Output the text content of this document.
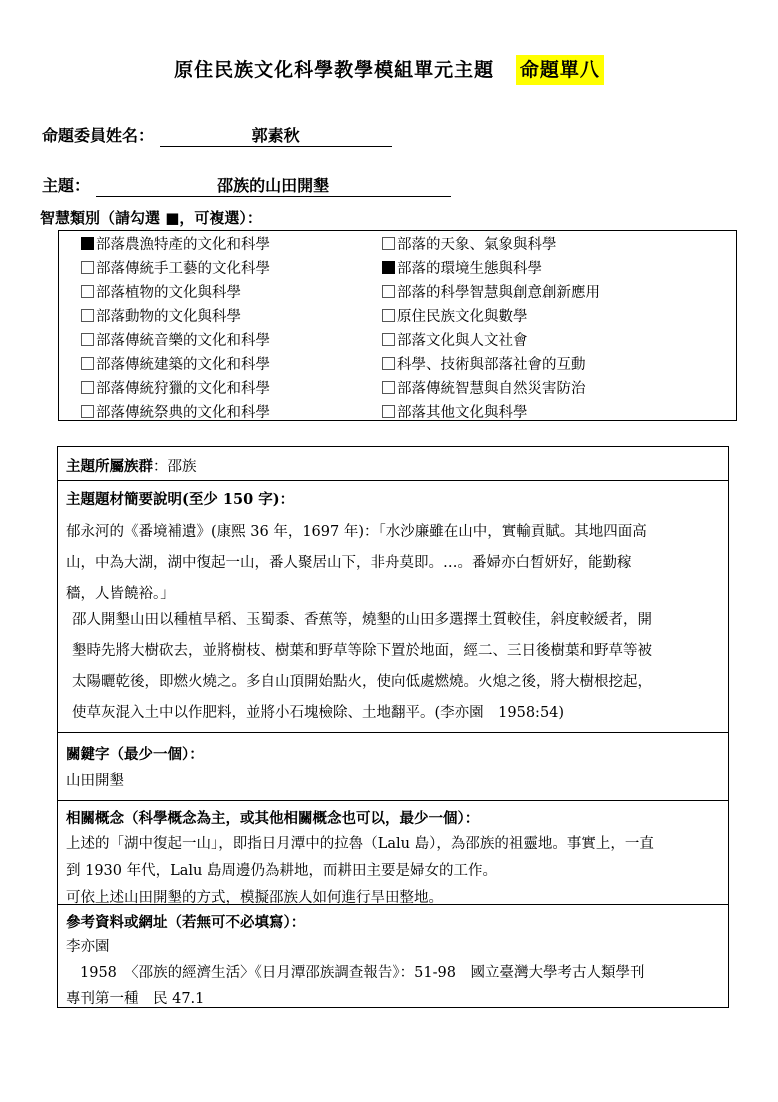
原住民族文化科學教學模組單元主題 命題單八
命題委員姓名：	郭素秋
主題：	邵族的山田開墾
智慧類別（請勾選 ■，可複選）：
部落農漁特產的文化和科學
部落傳統手工藝的文化科學
部落植物的文化與科學
部落動物的文化與科學
部落傳統音樂的文化和科學
部落傳統建築的文化和科學
部落傳統狩獵的文化和科學
部落傳統祭典的文化和科學
部落的天象、氣象與科學
部落的環境生態與科學
部落的科學智慧與創意創新應用
原住民族文化與數學
部落文化與人文社會
科學、技術與部落社會的互動
部落傳統智慧與自然災害防治
部落其他文化與科學
主題所屬族群：邵族
主題題材簡要說明(至少 150 字)：
郁永河的《番境補遺》(康熙 36 年，1697 年)：「水沙廉雖在山中，實輸貢賦。其地四面高
山，中為大湖，湖中復起一山，番人聚居山下，非舟莫即。…。番婦亦白晳妍好，能勤稼
穡，人皆饒裕。」
邵人開墾山田以種植旱稻、玉蜀黍、香蕉等，燒墾的山田多選擇土質較佳，斜度較緩者，開
墾時先將大樹砍去，並將樹枝、樹葉和野草等除下置於地面，經二、三日後樹葉和野草等被
太陽曬乾後，即燃火燒之。多自山頂開始點火，使向低處燃燒。火熄之後，將大樹根挖起，
使草灰混入土中以作肥料，並將小石塊檢除、土地翻平。(李亦園　1958:54)
關鍵字（最少一個）：
山田開墾
相關概念（科學概念為主，或其他相關概念也可以，最少一個）：
上述的「湖中復起一山」，即指日月潭中的拉魯（Lalu 島），為邵族的祖靈地。事實上，一直
到 1930 年代，Lalu 島周邊仍為耕地，而耕田主要是婦女的工作。
可依上述山田開墾的方式，模擬邵族人如何進行旱田整地。
參考資料或網址（若無可不必填寫）：
李亦園
1958　〈邵族的經濟生活〉《日月潭邵族調查報告》：51-98　國立臺灣大學考古人類學刊
專刊第一種　民 47.1
